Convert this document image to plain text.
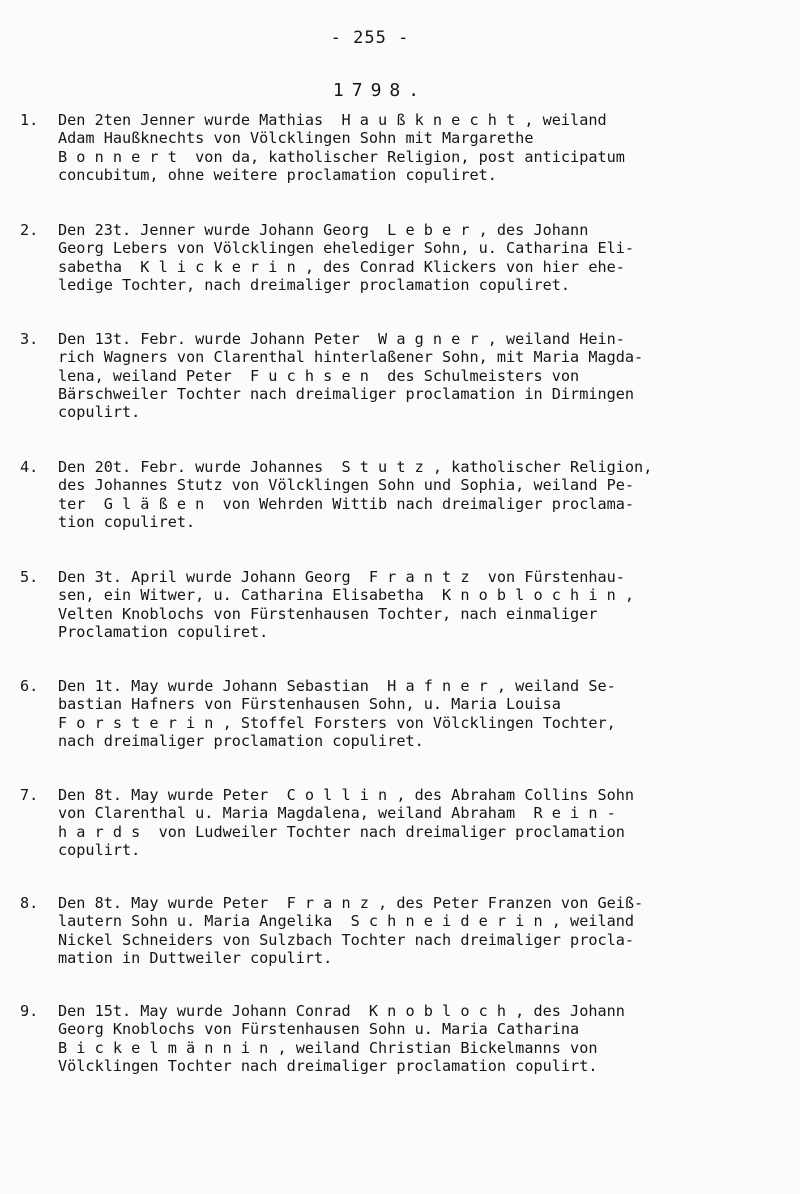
- 255 -
1798.
1.	Den 2ten Jenner wurde Mathias  H a u ß k n e c h t , weiland
Adam Haußknechts von Völcklingen Sohn mit Margarethe
B o n n e r t  von da, katholischer Religion, post anticipatum
concubitum, ohne weitere proclamation copuliret.
2.	Den 23t. Jenner wurde Johann Georg  L e b e r , des Johann
Georg Lebers von Völcklingen ehelediger Sohn, u. Catharina Eli-
sabetha  K l i c k e r i n , des Conrad Klickers von hier ehe-
ledige Tochter, nach dreimaliger proclamation copuliret.
3.	Den 13t. Febr. wurde Johann Peter  W a g n e r , weiland Hein-
rich Wagners von Clarenthal hinterlaßener Sohn, mit Maria Magda-
lena, weiland Peter  F u c h s e n  des Schulmeisters von
Bärschweiler Tochter nach dreimaliger proclamation in Dirmingen
copulirt.
4.	Den 20t. Febr. wurde Johannes  S t u t z , katholischer Religion,
des Johannes Stutz von Völcklingen Sohn und Sophia, weiland Pe-
ter  G l ä ß e n  von Wehrden Wittib nach dreimaliger proclama-
tion copuliret.
5.	Den 3t. April wurde Johann Georg  F r a n t z  von Fürstenhau-
sen, ein Witwer, u. Catharina Elisabetha  K n o b l o c h i n ,
Velten Knoblochs von Fürstenhausen Tochter, nach einmaliger
Proclamation copuliret.
6.	Den 1t. May wurde Johann Sebastian  H a f n e r , weiland Se-
bastian Hafners von Fürstenhausen Sohn, u. Maria Louisa
F o r s t e r i n , Stoffel Forsters von Völcklingen Tochter,
nach dreimaliger proclamation copuliret.
7.	Den 8t. May wurde Peter  C o l l i n , des Abraham Collins Sohn
von Clarenthal u. Maria Magdalena, weiland Abraham  R e i n -
h a r d s  von Ludweiler Tochter nach dreimaliger proclamation
copulirt.
8.	Den 8t. May wurde Peter  F r a n z , des Peter Franzen von Geiß-
lautern Sohn u. Maria Angelika  S c h n e i d e r i n , weiland
Nickel Schneiders von Sulzbach Tochter nach dreimaliger procla-
mation in Duttweiler copulirt.
9.	Den 15t. May wurde Johann Conrad  K n o b l o c h , des Johann
Georg Knoblochs von Fürstenhausen Sohn u. Maria Catharina
B i c k e l m ä n n i n , weiland Christian Bickelmanns von
Völcklingen Tochter nach dreimaliger proclamation copulirt.
